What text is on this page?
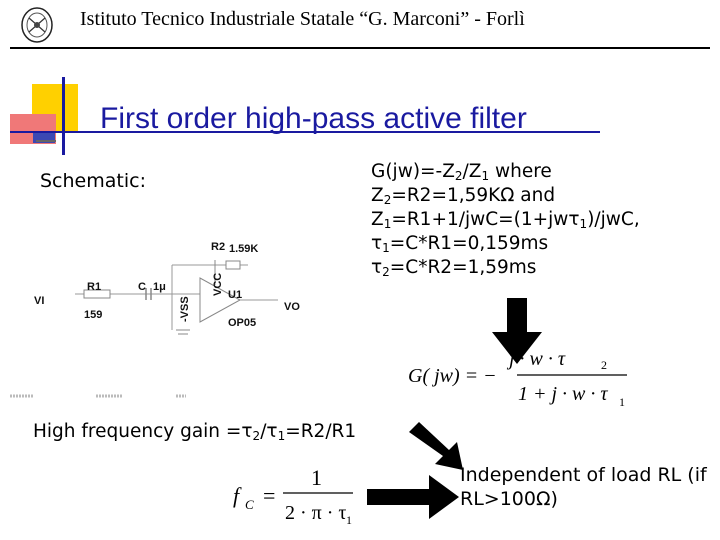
Istituto Tecnico Industriale Statale “G. Marconi” - Forlì
First order high-pass active filter
Schematic:
R2 1.59K
VI
R1
159
C 1μ	VCC
-VSS
U1
OP05
VO
High frequency gain $=\tau_2/\tau_1=R2/R1$
f C =
1
2 · π · τ 1
$G(jw)=-Z_2/Z_1$ where
$Z_2=R2=1,59K\Omega$ and
$Z_1=R1+1/jwC=(1+jw\tau_1)$/jwC,
$\tau_1=C*R1=0,159ms$
$\tau_2=C*R2=1,59ms$
G( jw) = −
j · w · τ	2
1 + j · w · τ 1
Independent of load RL (if RL>100Ω)
